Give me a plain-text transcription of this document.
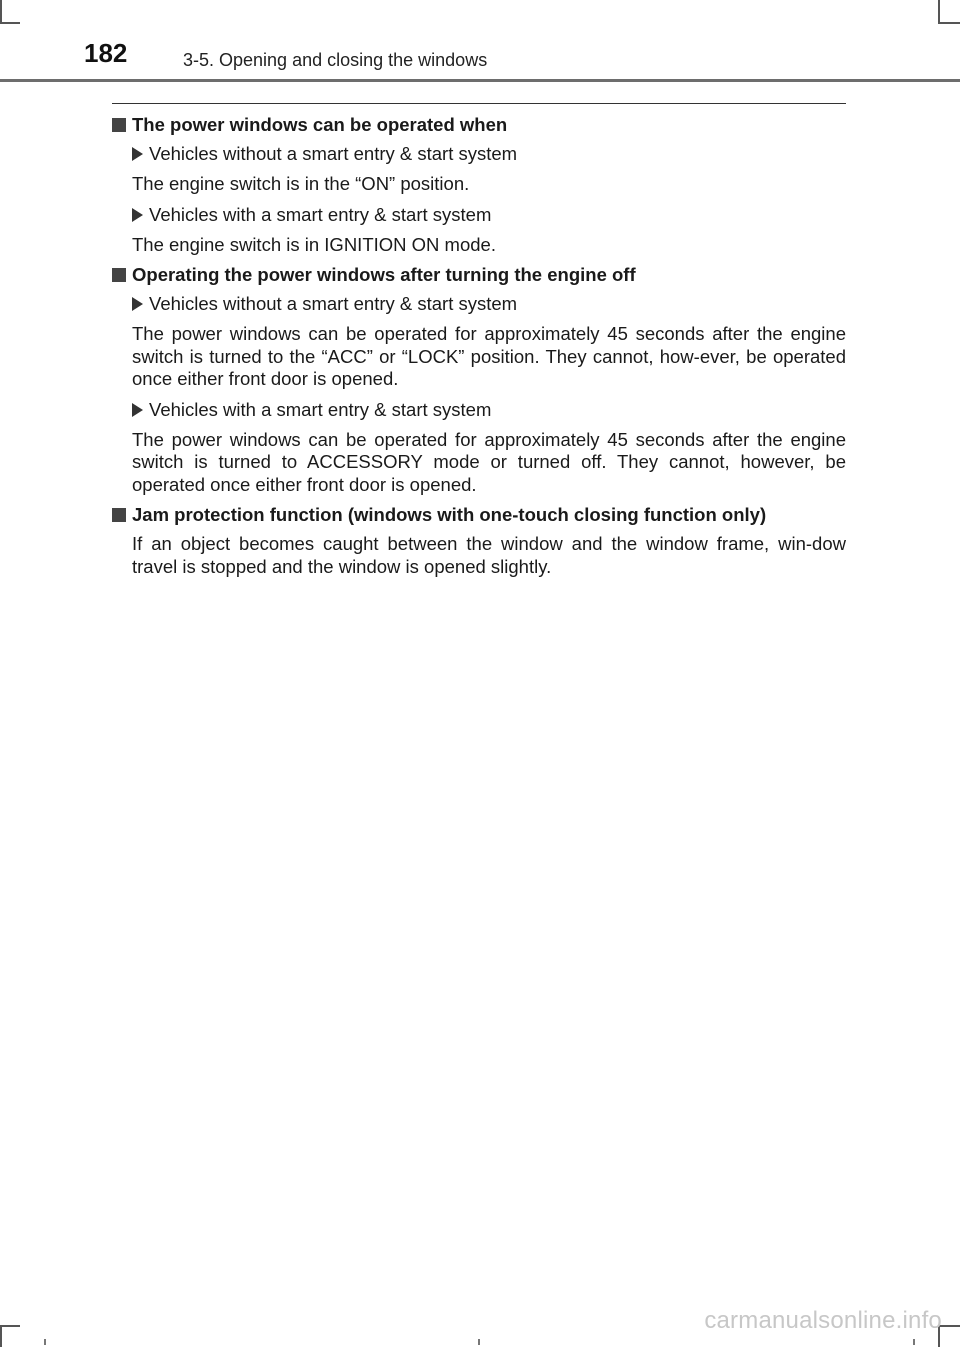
182	3-5. Opening and closing the windows
The power windows can be operated when
Vehicles without a smart entry & start system

The engine switch is in the “ON” position.

Vehicles with a smart entry & start system

The engine switch is in IGNITION ON mode.

Operating the power windows after turning the engine off
Vehicles without a smart entry & start system

The power windows can be operated for approximately 45 seconds after the engine switch is turned to the “ACC” or “LOCK” position. They cannot, how-ever, be operated once either front door is opened.

Vehicles with a smart entry & start system

The power windows can be operated for approximately 45 seconds after the engine switch is turned to ACCESSORY mode or turned off. They cannot, however, be operated once either front door is opened.

Jam protection function (windows with one-touch closing function only)

If an object becomes caught between the window and the window frame, win-dow travel is stopped and the window is opened slightly.

carmanualsonline.info
